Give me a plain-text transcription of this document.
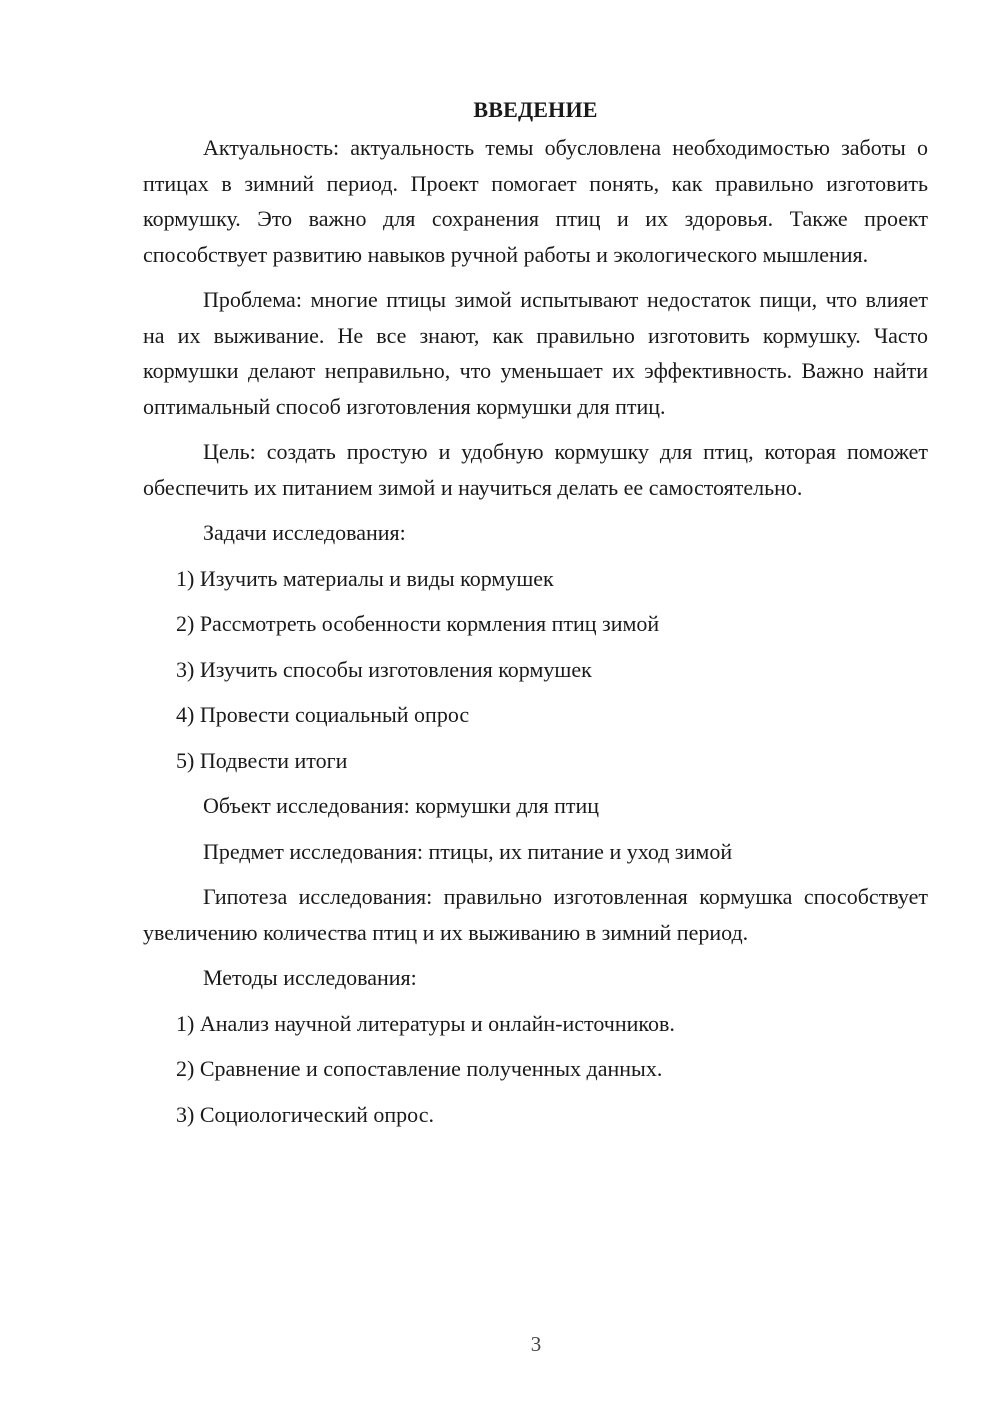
ВВЕДЕНИЕ

Актуальность: актуальность темы обусловлена необходимостью заботы о птицах в зимний период. Проект помогает понять, как правильно изготовить кормушку. Это важно для сохранения птиц и их здоровья. Также проект способствует развитию навыков ручной работы и экологического мышления.

Проблема: многие птицы зимой испытывают недостаток пищи, что влияет на их выживание. Не все знают, как правильно изготовить кормушку. Часто кормушки делают неправильно, что уменьшает их эффективность. Важно найти оптимальный способ изготовления кормушки для птиц.

Цель: создать простую и удобную кормушку для птиц, которая поможет обеспечить их питанием зимой и научиться делать ее самостоятельно.

Задачи исследования:

1) Изучить материалы и виды кормушек
2) Рассмотреть особенности кормления птиц зимой
3) Изучить способы изготовления кормушек
4) Провести социальный опрос
5) Подвести итоги

Объект исследования: кормушки для птиц

Предмет исследования: птицы, их питание и уход зимой

Гипотеза исследования: правильно изготовленная кормушка способствует увеличению количества птиц и их выживанию в зимний период.

Методы исследования:

1) Анализ научной литературы и онлайн-источников.
2) Сравнение и сопоставление полученных данных.
3) Социологический опрос.
3
